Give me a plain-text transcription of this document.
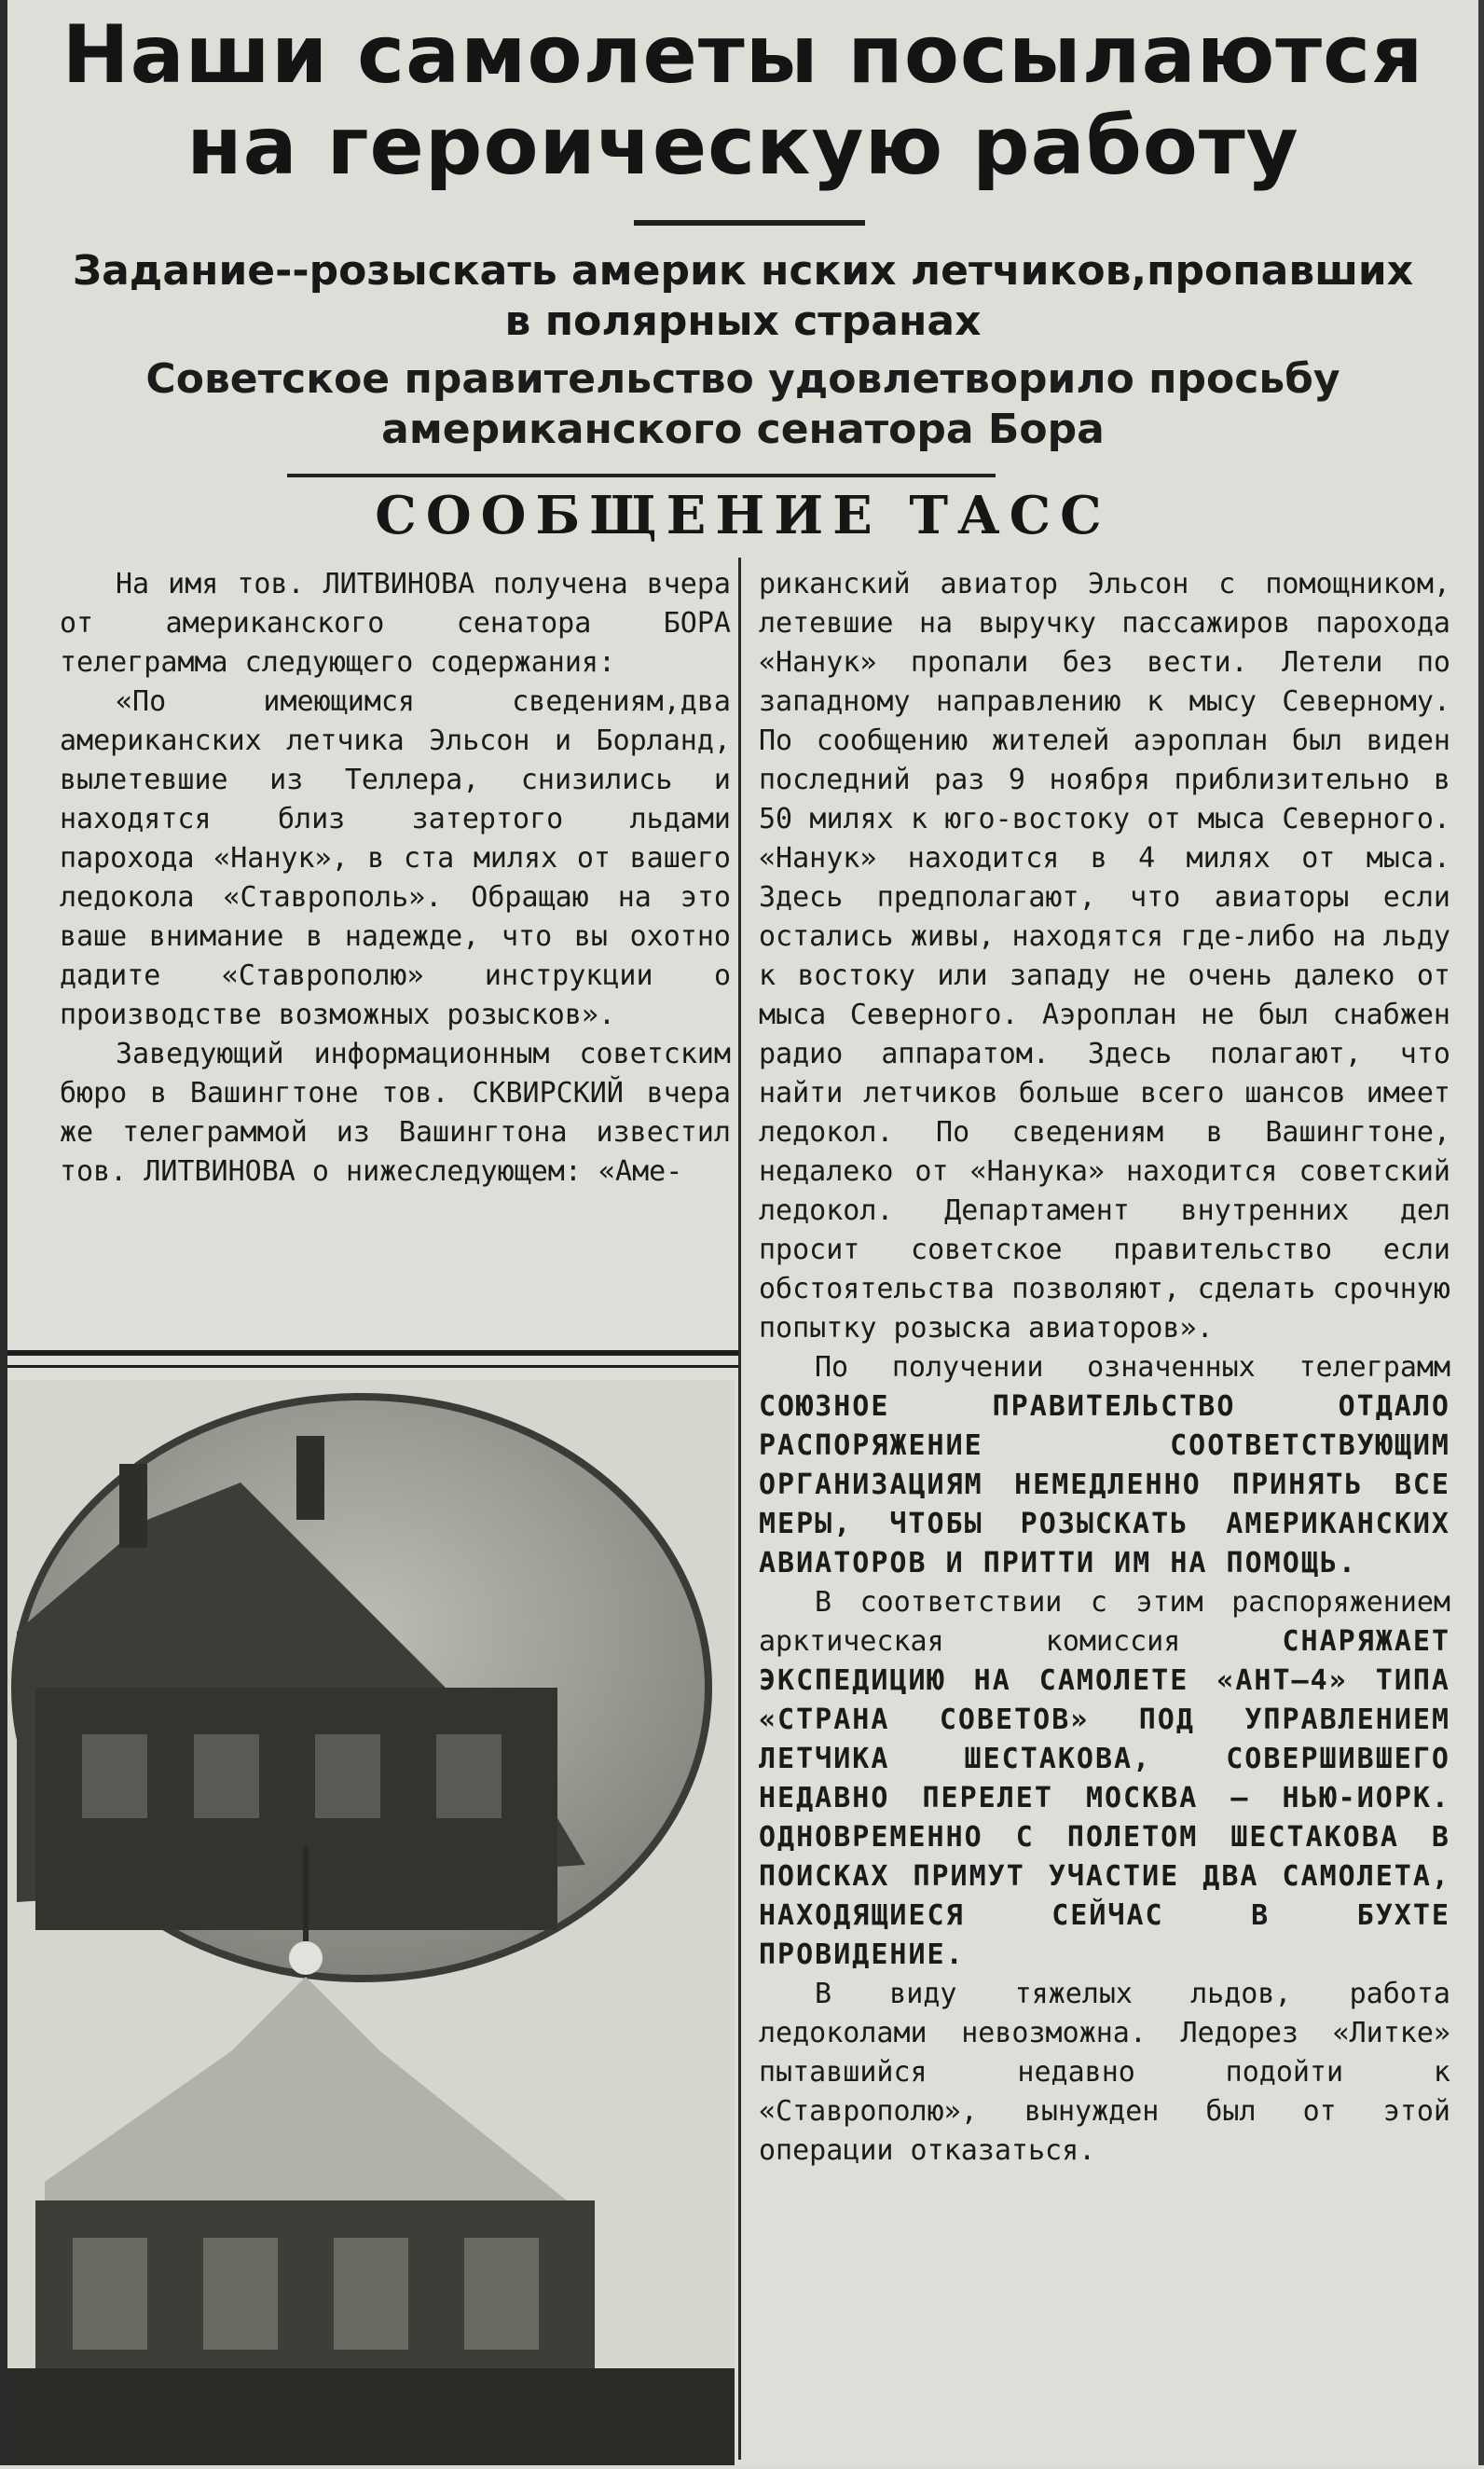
Наши самолеты посылаются
на героическую работу
Задание--розыскать америк нских летчиков,пропавших
в полярных странах
Советское правительство удовлетворило просьбу
американского сенатора Бора
СООБЩЕНИЕ ТАСС

На имя тов. ЛИТВИНОВА получена вчера от американского сенатора БОРА телеграмма следующего содержания:

«По имеющимся сведениям,два американских летчика Эльсон и Борланд, вылетевшие из Теллера, снизились и находятся близ затертого льдами парохода «Нанук», в ста милях от вашего ледокола «Ставрополь». Обращаю на это ваше внимание в надежде, что вы охотно дадите «Ставрополю» инструкции о производстве возможных розысков».

Заведующий информационным советским бюро в Вашингтоне тов. СКВИРСКИЙ вчера же телеграммой из Вашингтона известил тов. ЛИТВИНОВА о нижеследующем: «Аме-

риканский авиатор Эльсон с помощником, летевшие на выручку пассажиров парохода «Нанук» пропали без вести. Летели по западному направлению к мысу Северному. По сообщению жителей аэроплан был виден последний раз 9 ноября приблизительно в 50 милях к юго-востоку от мыса Северного. «Нанук» находится в 4 милях от мыса. Здесь предполагают, что авиаторы если остались живы, находятся где-либо на льду к востоку или западу не очень далеко от мыса Северного. Аэроплан не был снабжен радио аппаратом. Здесь полагают, что найти летчиков больше всего шансов имеет ледокол. По сведениям в Вашингтоне, недалеко от «Нанука» находится советский ледокол. Департамент внутренних дел просит советское правительство если обстоятельства позволяют, сделать срочную попытку розыска авиаторов».

По получении означенных телеграмм СОЮЗНОЕ ПРАВИТЕЛЬСТВО ОТДАЛО РАСПОРЯЖЕНИЕ СООТВЕТСТВУЮЩИМ ОРГАНИЗАЦИЯМ НЕМЕДЛЕННО ПРИНЯТЬ ВСЕ МЕРЫ, ЧТОБЫ РОЗЫСКАТЬ АМЕРИКАНСКИХ АВИАТОРОВ И ПРИТТИ ИМ НА ПОМОЩЬ.

В соответствии с этим распоряжением арктическая комиссия	СНАРЯЖАЕТ ЭКСПЕДИЦИЮ НА САМОЛЕТЕ «АНТ—4» ТИПА «СТРАНА СОВЕТОВ» ПОД УПРАВЛЕНИЕМ ЛЕТЧИКА ШЕСТАКОВА, СОВЕРШИВШЕГО НЕДАВНО ПЕРЕЛЕТ МОСКВА — НЬЮ-ИОРК. ОДНОВРЕМЕННО С ПОЛЕТОМ ШЕСТАКОВА В ПОИСКАХ ПРИМУТ УЧАСТИЕ ДВА САМОЛЕТА, НАХОДЯЩИЕСЯ СЕЙЧАС В БУХТЕ ПРОВИДЕНИЕ.

В виду тяжелых льдов, работа ледоколами невозможна. Ледорез «Литке» пытавшийся недавно подойти к «Ставрополю», вынужден был от этой операции отказаться.
